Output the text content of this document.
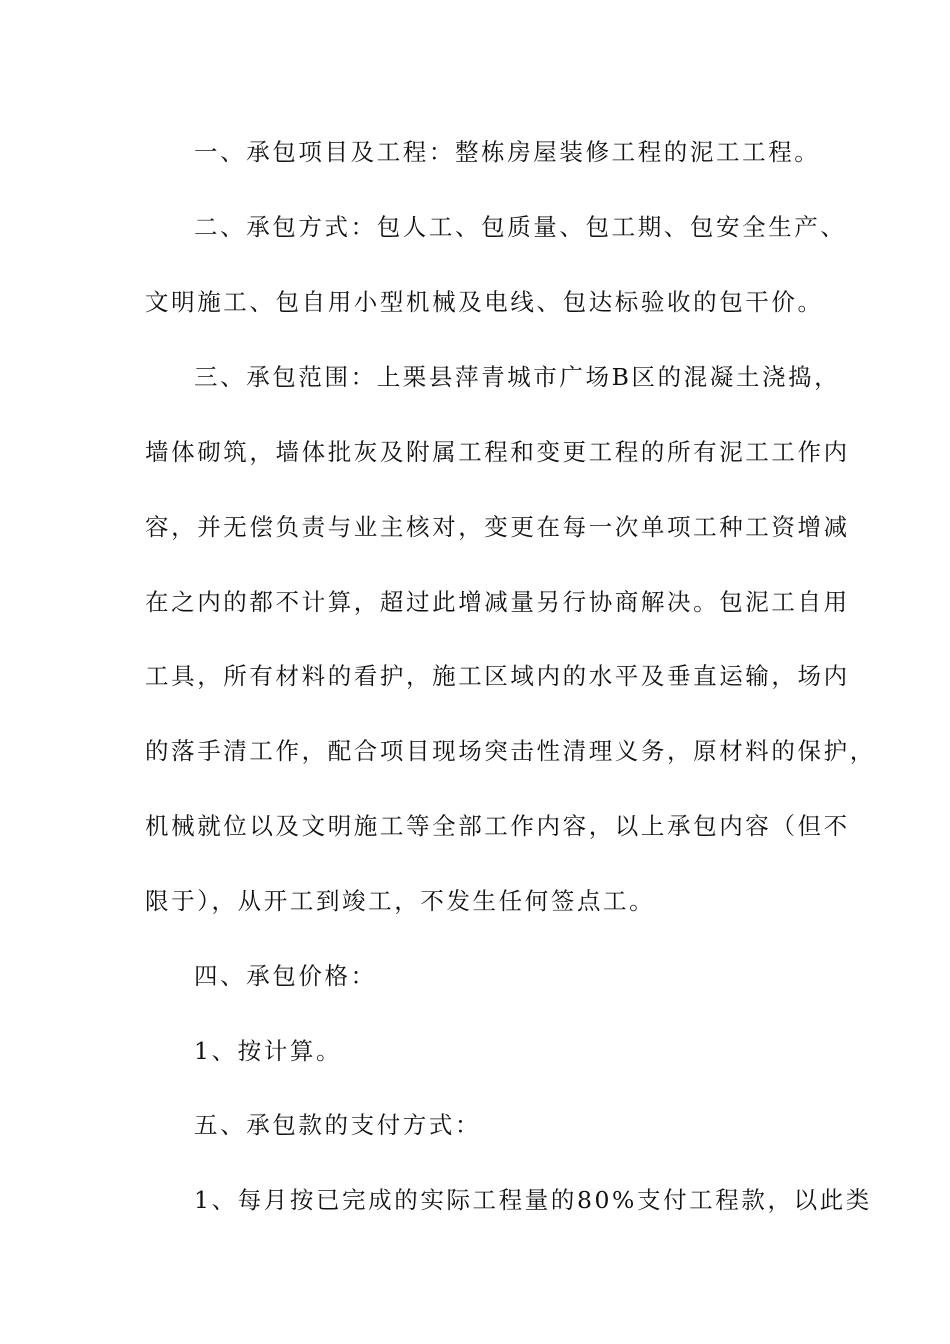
一、承包项目及工程：整栋房屋装修工程的泥工工程。
二、承包方式：包人工、包质量、包工期、包安全生产、
文明施工、包自用小型机械及电线、包达标验收的包干价。
三、承包范围：上栗县萍青城市广场B区的混凝土浇捣，
墙体砌筑，墙体批灰及附属工程和变更工程的所有泥工工作内
容，并无偿负责与业主核对，变更在每一次单项工种工资增减
在之内的都不计算，超过此增减量另行协商解决。包泥工自用
工具，所有材料的看护，施工区域内的水平及垂直运输，场内
的落手清工作，配合项目现场突击性清理义务，原材料的保护，
机械就位以及文明施工等全部工作内容，以上承包内容（但不
限于），从开工到竣工，不发生任何签点工。
四、承包价格：
1、按计算。
五、承包款的支付方式：
1、每月按已完成的实际工程量的80%支付工程款，以此类
